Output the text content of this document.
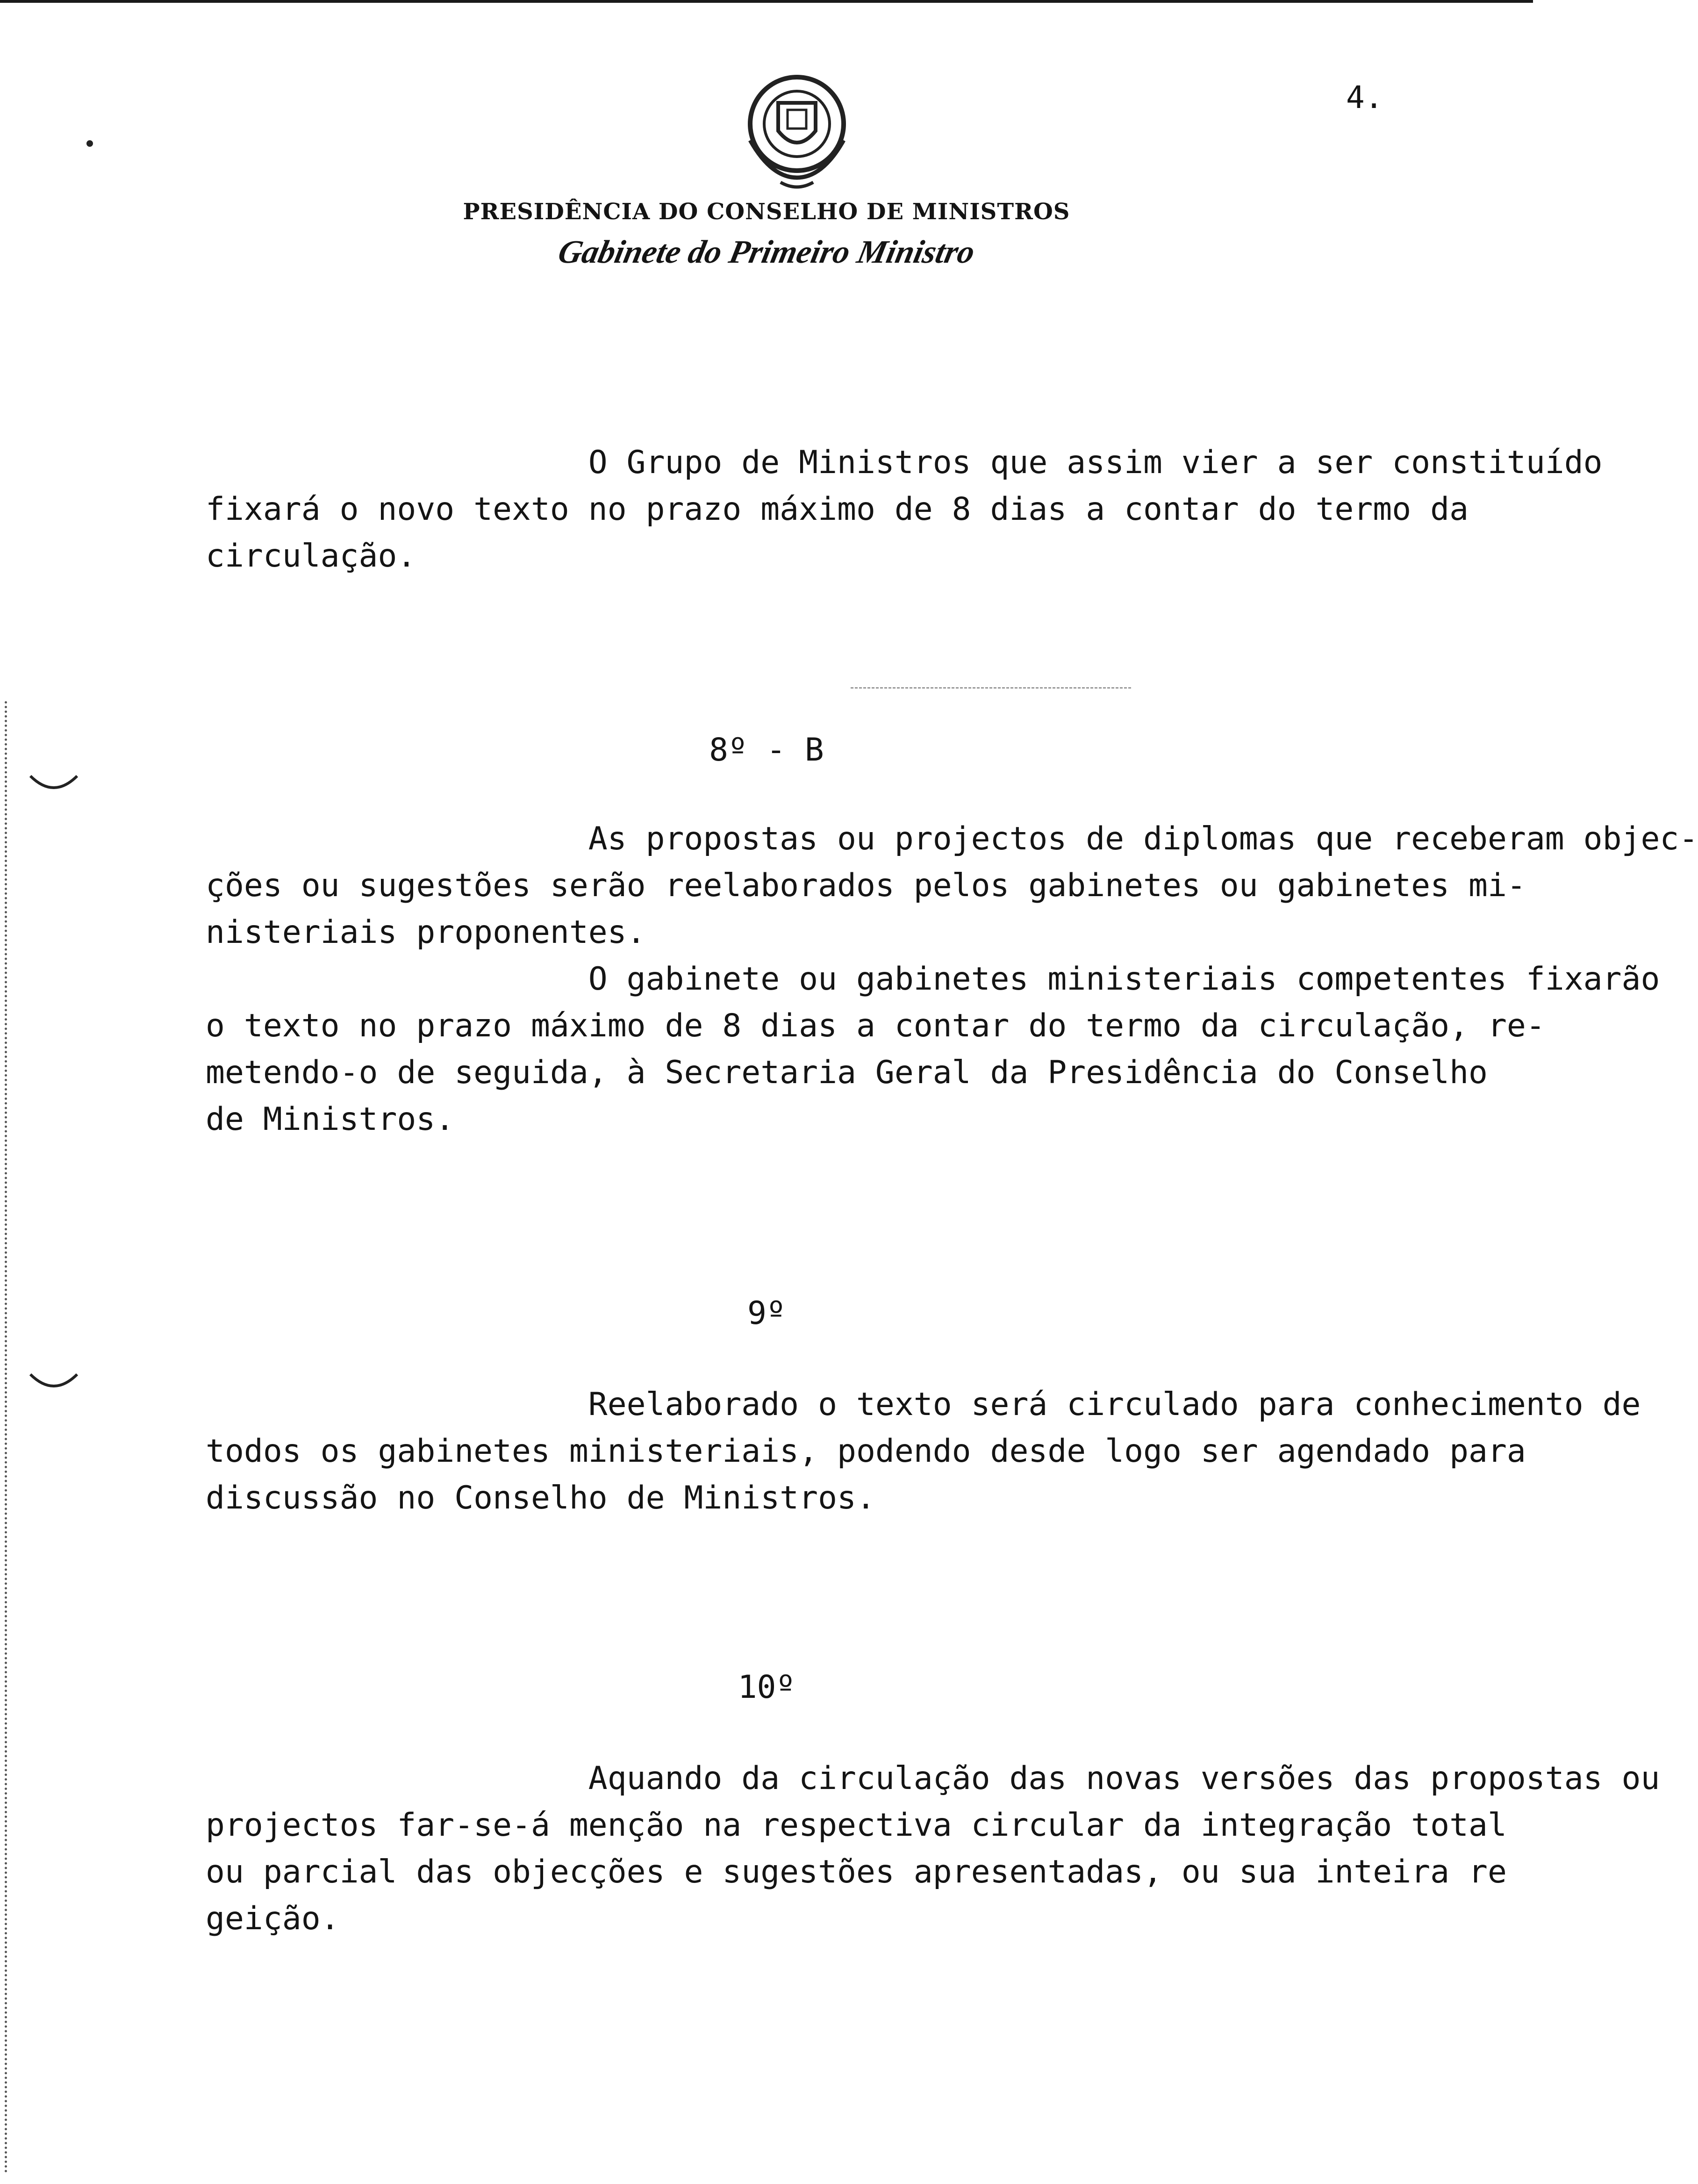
4.
PRESIDÊNCIA DO CONSELHO DE MINISTROS
Gabinete do Primeiro Ministro
O Grupo de Ministros que assim vier a ser constituído
fixará o novo texto no prazo máximo de 8 dias a contar do termo da
circulação.
8º - B
As propostas ou projectos de diplomas que receberam objec-
ções ou sugestões serão reelaborados pelos gabinetes ou gabinetes mi-
nisteriais proponentes.
O gabinete ou gabinetes ministeriais competentes fixarão
o texto no prazo máximo de 8 dias a contar do termo da circulação, re-
metendo-o de seguida, à Secretaria Geral da Presidência do Conselho
de Ministros.
9º
Reelaborado o texto será circulado para conhecimento de
todos os gabinetes ministeriais, podendo desde logo ser agendado para
discussão no Conselho de Ministros.
10º
Aquando da circulação das novas versões das propostas ou
projectos far-se-á menção na respectiva circular da integração total
ou parcial das objecções e sugestões apresentadas, ou sua inteira re
geição.
